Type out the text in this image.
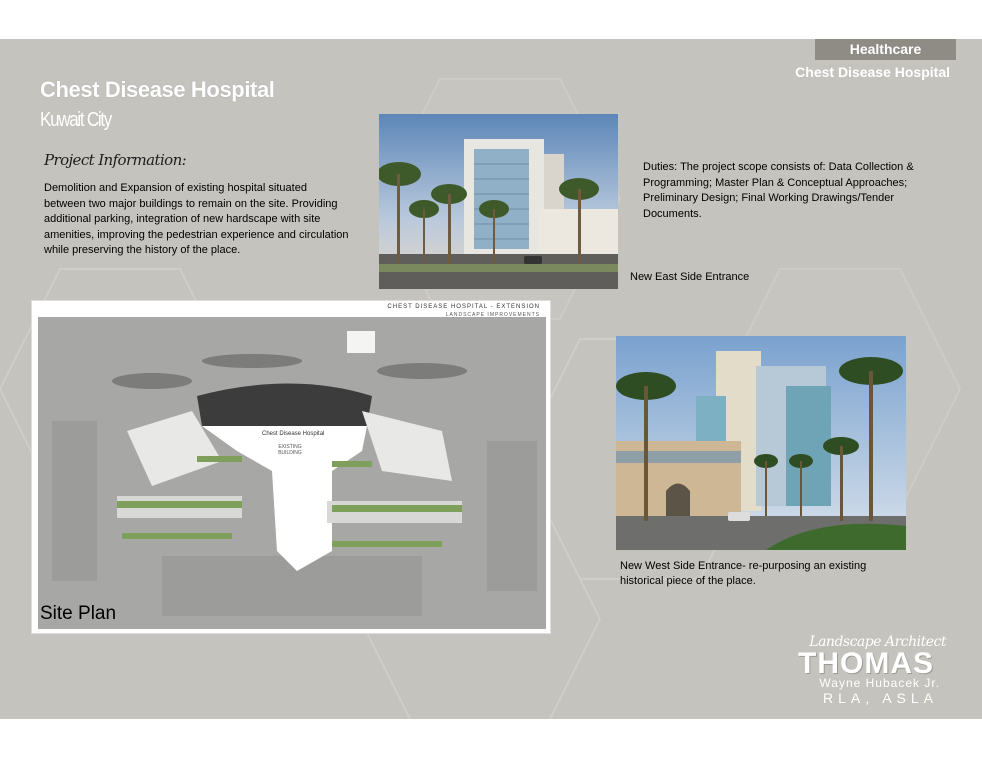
Healthcare
Chest Disease Hospital
Chest Disease Hospital
Kuwait City
Project Information:
Demolition and Expansion of existing hospital situated between two major buildings to remain on the site. Providing additional parking, integration of new hardscape with site amenities, improving the pedestrian experience and circulation while preserving the history of the place.
Duties: The project scope consists of: Data Collection & Programming; Master Plan & Conceptual Approaches; Preliminary Design; Final Working Drawings/Tender Documents.
New East Side Entrance
CHEST DISEASE HOSPITAL - EXTENSION
LANDSCAPE IMPROVEMENTS
Chest Disease Hospital
EXISTING BUILDING
Site Plan
New West Side Entrance- re-purposing an existing historical piece of the place.
Landscape Architect
THOMAS
Wayne Hubacek Jr.
RLA, ASLA
